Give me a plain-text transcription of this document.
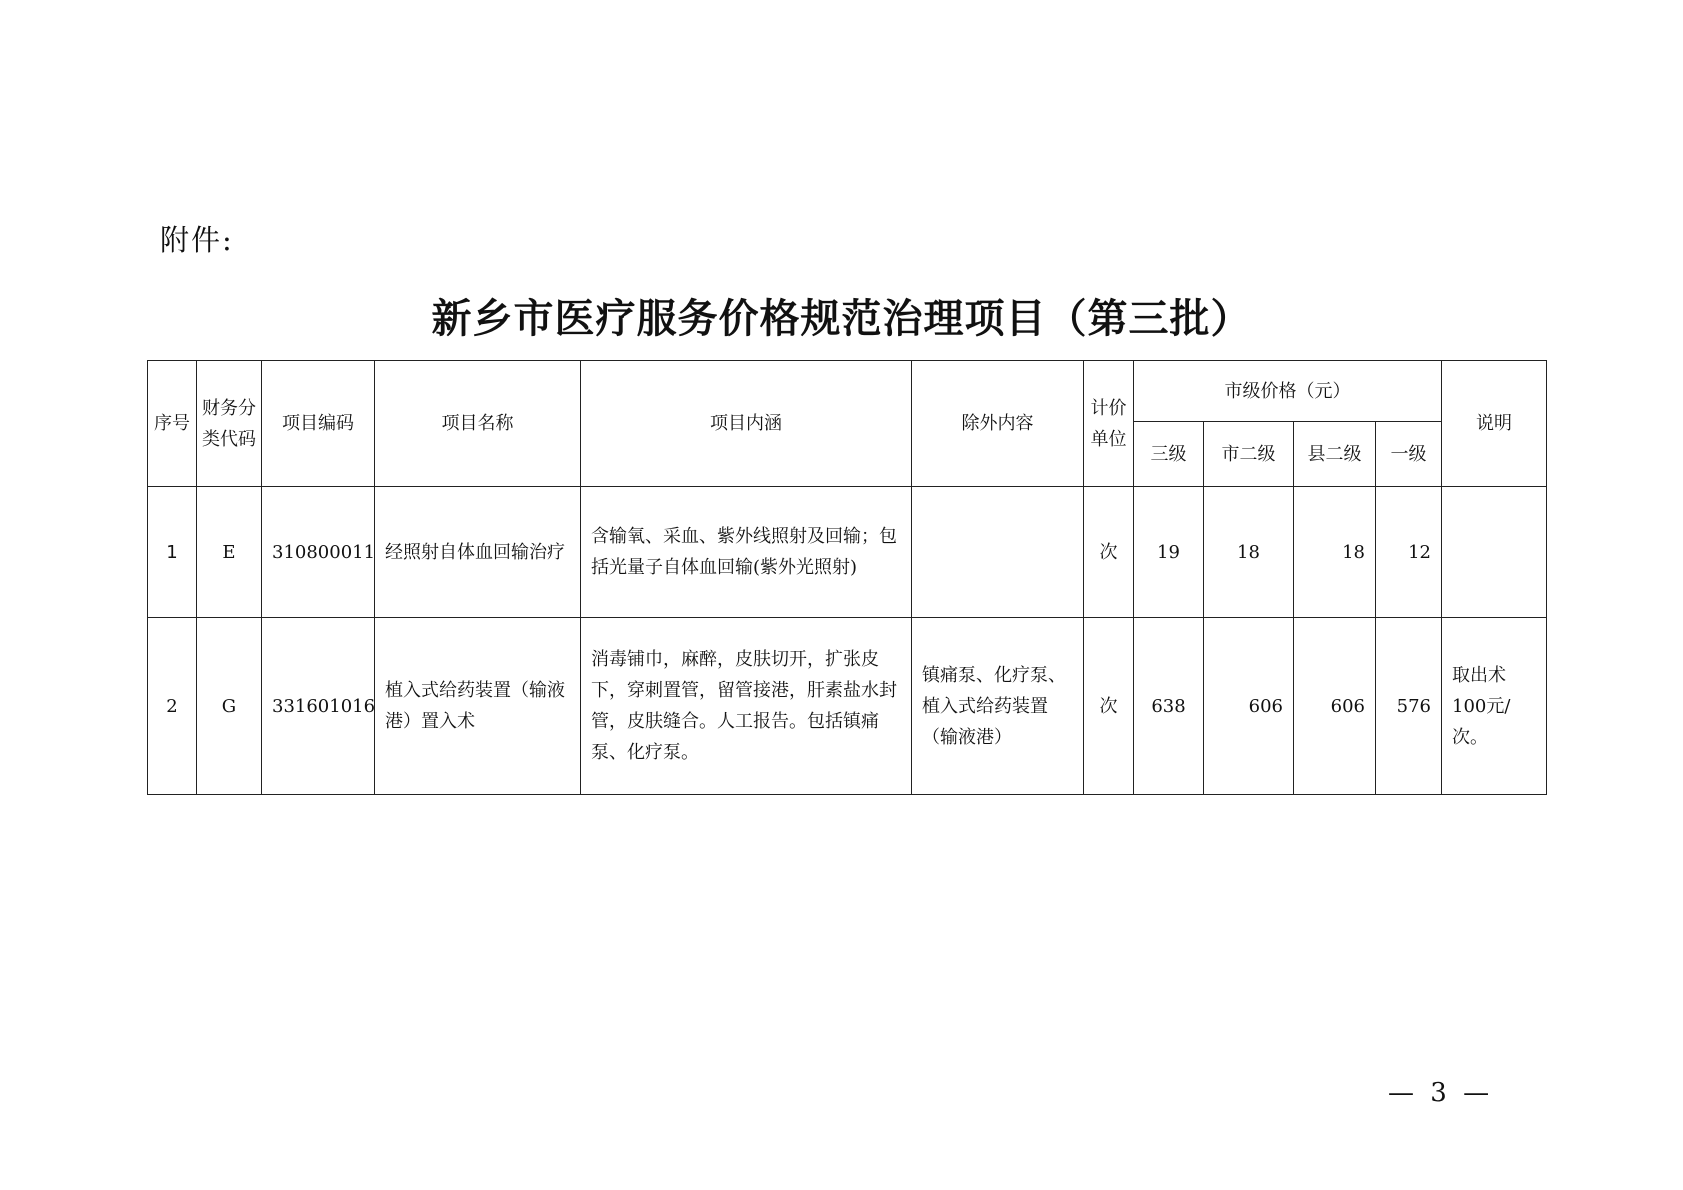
附件:
新乡市医疗服务价格规范治理项目（第三批）
序号	财务分类代码	项目编码	项目名称	项目内涵	除外内容	计价单位	市级价格（元）				说明
							三级	市二级	县二级	一级	
1	E	310800011	经照射自体血回输治疗	含输氧、采血、紫外线照射及回输；包括光量子自体血回输(紫外光照射)		次	19	18	18	12	
2	G	331601016	植入式给药装置（输液港）置入术	消毒铺巾，麻醉，皮肤切开，扩张皮下，穿刺置管，留管接港，肝素盐水封管，皮肤缝合。人工报告。包括镇痛泵、化疗泵。	镇痛泵、化疗泵、植入式给药装置（输液港）	次	638	606	606	576	取出术100元/次。
— 3 —
